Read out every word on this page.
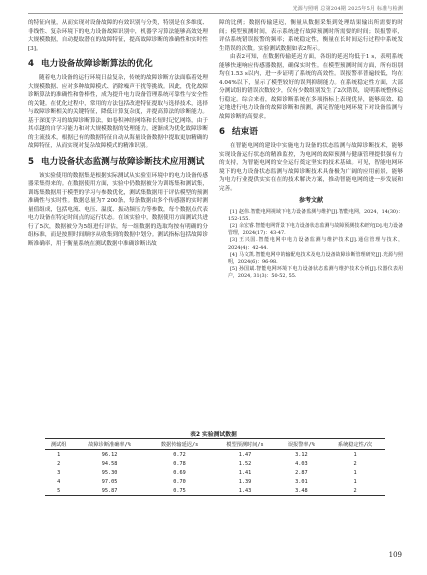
光源与照明 总第204期 2025年5月 标准与检测

的特征向量，从而实现对设备故障的有效识别与分类，特别是在多维度、非线性、复杂环境下的电力设备故障识别中，机器学习算法能够高效处理大规模数据，自动提取潜在的故障特征，提高故障诊断的准确性和实时性[3]。

4 电力设备故障诊断算法的优化

随着电力设备的运行环境日益复杂，传统的故障诊断方法面临着处理大规模数据、应对多种故障模式、消除噪声干扰等挑战。因此，优化故障诊断算法的准确性和鲁棒性，成为提升电力设备管理系统可靠性与安全性的关键。在优化过程中，常用的方法包括改进特征提取与选择技术，选择与故障诊断相关的关键特征，降低计算复杂度，并提高算法的诊断能力。基于深度学习的故障诊断算法，如卷积神经网络和长短时记忆网络，由于其卓越的自学习能力和对大规模数据的处理能力，逐渐成为优化故障诊断的主流技术，根据已有的数据特征自动从海量设备数据中提取更加精确的故障特征，从而实现对复杂故障模式的精准识别。

5 电力设备状态监测与故障诊断技术应用测试

该实验使用的数据集是根据实际测试从实验室环境中的电力设备传感器采集得来的。在数据使用方面，实验中仍数据被分为训练集和测试集，训练集数据用于模型的学习与参数优化，测试集数据用于评估模型的预测准确性与实时性。数据总量为7 200条，每条数据由多个传感器的实时测量值组成，包括电流、电压、温度、振动频压力等参数，每个数据点代表电力设备在特定时间点的运行状态。在该实验中，数据使用方面测试共进行了5次，数据被分为5组进行评估，每一组数据的选取均按有明确的分组标准，而是按照时间顺序从收集到的数据中划分。测试指标包括故障诊断准确率，用于衡量系统在测试数据中准确诊断出故

障的比例；数据传输延迟，衡量从数据采集到处理结果输出所需要的时间；模型预测时间，表示系统进行故障预测时所需要的时间；误报警率，评估系统错误报警的频率；系统稳定性，衡量在长时间运行过程中系统发生错误的次数。实验测试数据如表2所示。

由表2可知，在数据传输延迟方面，各组的延迟均低于1 s，表明系统能够快速响应传感器数据，确保实时性。在模型预测时间方面，所有组别均在1.53 s以内，进一步证明了系统的高效性。误报警率普遍较低，均在4.04%以下，显示了模型较好的误判抑制能力。在系统稳定性方面，大部分测试组的错误次数较少，仅有少数组别发生了2次错误，说明系统整体运行稳定。综合来看，故障诊断系统在多项指标上表现优异，能够高效、稳定地进行电力设备的故障诊断和预测，满足智能电网环境下对设备监测与故障诊断的高要求。

6 结束语

在智能电网的建设中实施电力设备的状态监测与故障诊断技术，能够实现设备运行状态的精准监控，为电网的故障预测与健康管理提供强有力的支持，为智能电网的安全运行奠定坚实的技术基础。可见，智能电网环境下的电力设备状态监测与故障诊断技术具备极为广阔的应用前景，能够为电力行业提供实实在在的技术解决方案，推动智能电网的进一步发展和完善。

参考文献

[1] 赵伟.智能电网视域下电力设备监测与维护[J].智能电网，2024，14(30)：152-155.

[2] 余宏睿.智能电网背景下电力设备状态监测与故障预测技术研究[D].电力设备管理，2024(17)：43-47.

[3] 王兴国.智能电网中电力设备监测与维护技术[J].通信管理与技术，2024(4)：42-44.

[4] 马文凯.智能电网中的输配电技术及电力设备故障诊断管理研究[J].光源与照明，2024(6)：96-98.

[5] 孙国斌.智能电网环境下电力设备状态监测与维护技术分析[J].仪器仪表用户，2024, 31(3)：50-52, 55.

表2 实验测试数据
测试组	故障诊断准确率/%	数据传输延迟/s	模型预测时间/s	误报警率/%	系统稳定性/次
1	96.12	0.72	1.47	3.12	1
2	94.58	0.78	1.52	4.03	2
3	95.30	0.69	1.41	2.87	1
4	97.05	0.70	1.39	3.01	1
5	95.87	0.75	1.43	3.48	2
109
